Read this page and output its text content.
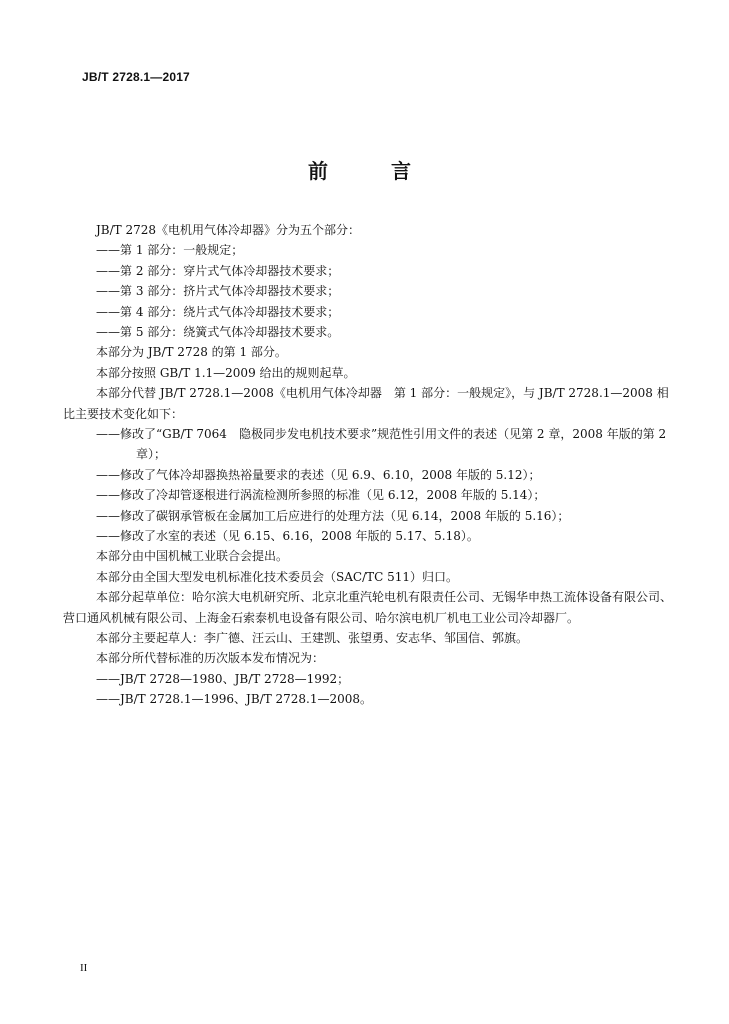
JB/T 2728.1—2017
前 言
JB/T 2728《电机用气体冷却器》分为五个部分：
——第 1 部分：一般规定；
——第 2 部分：穿片式气体冷却器技术要求；
——第 3 部分：挤片式气体冷却器技术要求；
——第 4 部分：绕片式气体冷却器技术要求；
——第 5 部分：绕簧式气体冷却器技术要求。
本部分为 JB/T 2728 的第 1 部分。
本部分按照 GB/T 1.1—2009 给出的规则起草。
本部分代替 JB/T 2728.1—2008《电机用气体冷却器　第 1 部分：一般规定》，与 JB/T 2728.1—2008 相比主要技术变化如下：
——修改了“GB/T 7064　隐极同步发电机技术要求”规范性引用文件的表述（见第 2 章，2008 年版的第 2 章）；
——修改了气体冷却器换热裕量要求的表述（见 6.9、6.10，2008 年版的 5.12）；
——修改了冷却管逐根进行涡流检测所参照的标准（见 6.12，2008 年版的 5.14）；
——修改了碳钢承管板在金属加工后应进行的处理方法（见 6.14，2008 年版的 5.16）；
——修改了水室的表述（见 6.15、6.16，2008 年版的 5.17、5.18）。
本部分由中国机械工业联合会提出。
本部分由全国大型发电机标准化技术委员会（SAC/TC 511）归口。
本部分起草单位：哈尔滨大电机研究所、北京北重汽轮电机有限责任公司、无锡华申热工流体设备有限公司、营口通风机械有限公司、上海金石索泰机电设备有限公司、哈尔滨电机厂机电工业公司冷却器厂。
本部分主要起草人：李广德、汪云山、王建凯、张望勇、安志华、邹国信、郭旗。
本部分所代替标准的历次版本发布情况为：
——JB/T 2728—1980、JB/T 2728—1992；
——JB/T 2728.1—1996、JB/T 2728.1—2008。
II
